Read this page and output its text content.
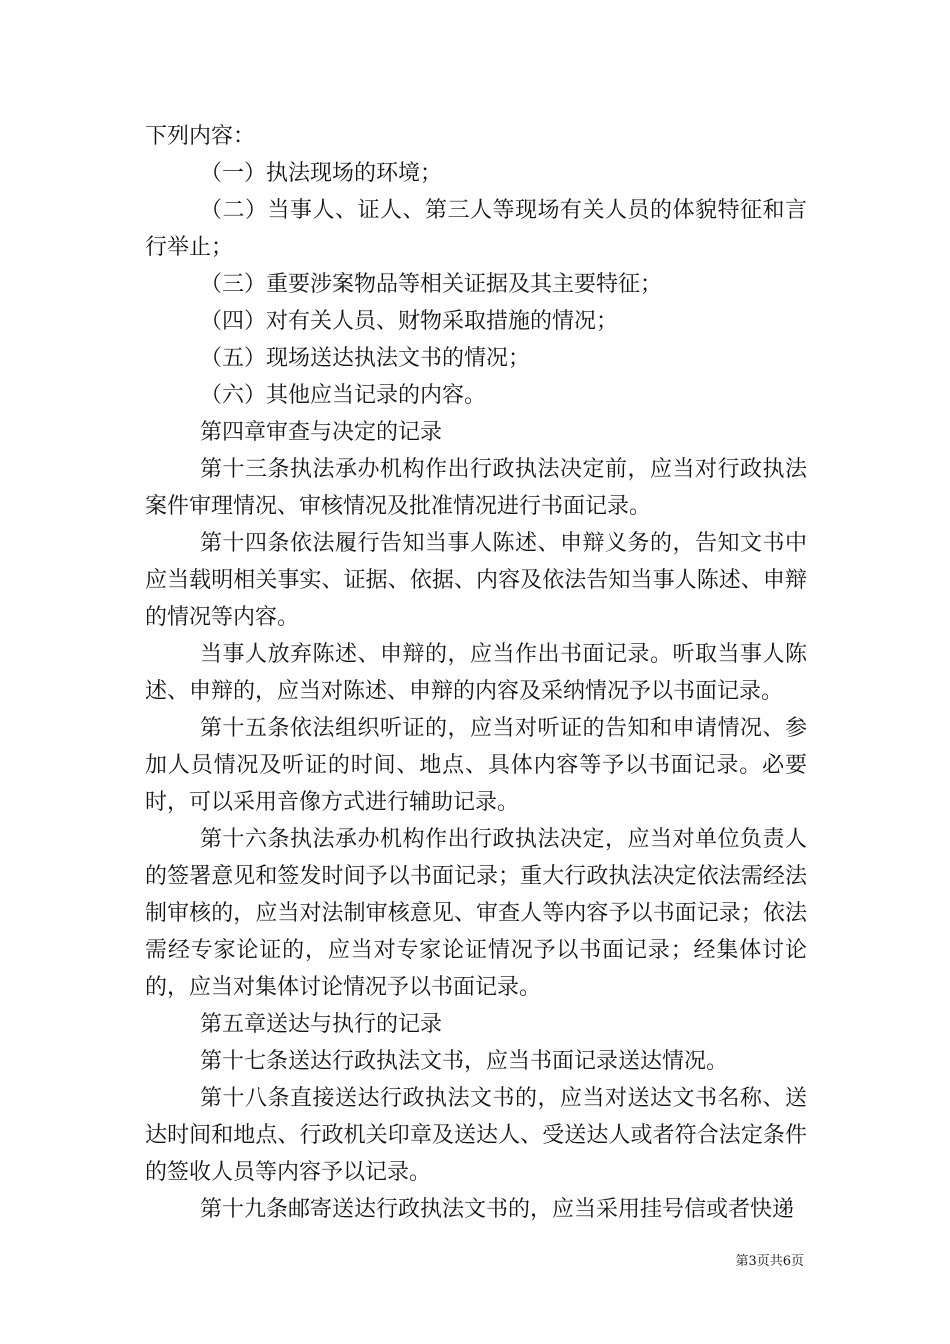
下列内容：

（一）执法现场的环境；

（二）当事人、证人、第三人等现场有关人员的体貌特征和言行举止；

（三）重要涉案物品等相关证据及其主要特征；

（四）对有关人员、财物采取措施的情况；

（五）现场送达执法文书的情况；

（六）其他应当记录的内容。

第四章审查与决定的记录

第十三条执法承办机构作出行政执法决定前，应当对行政执法案件审理情况、审核情况及批准情况进行书面记录。

第十四条依法履行告知当事人陈述、申辩义务的，告知文书中应当载明相关事实、证据、依据、内容及依法告知当事人陈述、申辩的情况等内容。

当事人放弃陈述、申辩的，应当作出书面记录。听取当事人陈述、申辩的，应当对陈述、申辩的内容及采纳情况予以书面记录。

第十五条依法组织听证的，应当对听证的告知和申请情况、参加人员情况及听证的时间、地点、具体内容等予以书面记录。必要时，可以采用音像方式进行辅助记录。

第十六条执法承办机构作出行政执法决定，应当对单位负责人的签署意见和签发时间予以书面记录；重大行政执法决定依法需经法制审核的，应当对法制审核意见、审查人等内容予以书面记录；依法需经专家论证的，应当对专家论证情况予以书面记录；经集体讨论的，应当对集体讨论情况予以书面记录。

第五章送达与执行的记录

第十七条送达行政执法文书，应当书面记录送达情况。

第十八条直接送达行政执法文书的，应当对送达文书名称、送达时间和地点、行政机关印章及送达人、受送达人或者符合法定条件的签收人员等内容予以记录。

第十九条邮寄送达行政执法文书的，应当采用挂号信或者快递

第3页共6页
